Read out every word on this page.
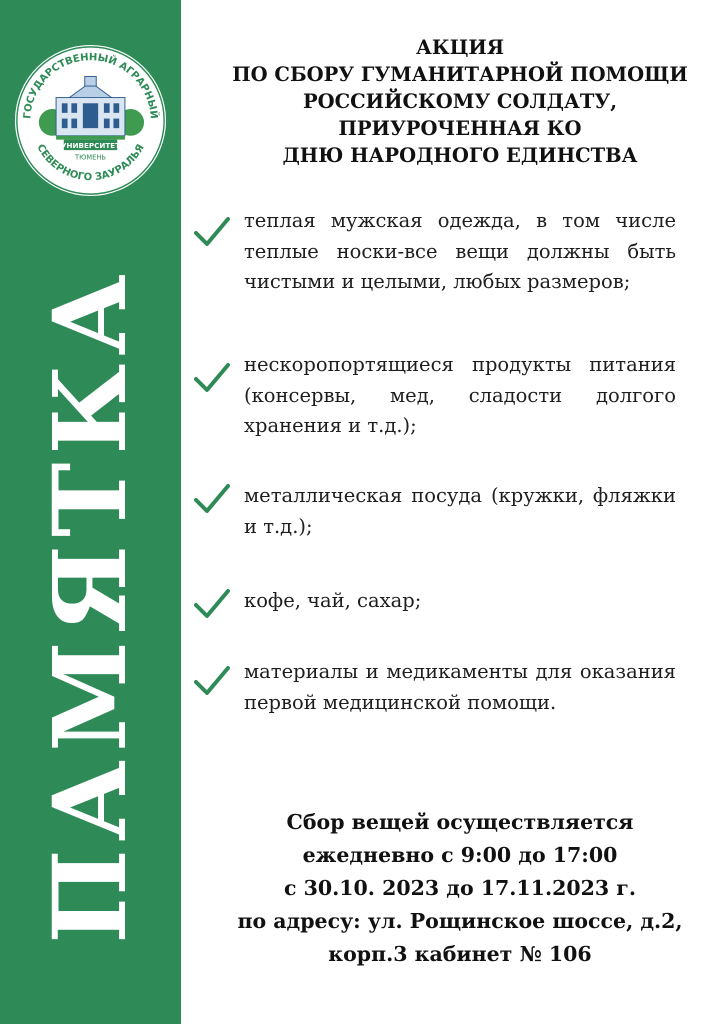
ГОСУДАРСТВЕННЫЙ АГРАРНЫЙ
СЕВЕРНОГО ЗАУРАЛЬЯ
УНИВЕРСИТЕТ
ТЮМЕНЬ
ПАМЯТКА
АКЦИЯ
ПО СБОРУ ГУМАНИТАРНОЙ ПОМОЩИ
РОССИЙСКОМУ СОЛДАТУ,
ПРИУРОЧЕННАЯ КО
ДНЮ НАРОДНОГО ЕДИНСТВА
теплая мужская одежда, в том числе теплые носки-все вещи должны быть чистыми и целыми, любых размеров;
нескоропортящиеся продукты питания (консервы, мед, сладости долгого хранения и т.д.);
металлическая посуда (кружки, фляжки и т.д.);
кофе, чай, сахар;
материалы и медикаменты для оказания первой медицинской помощи.
Сбор вещей осуществляется
ежедневно с 9:00 до 17:00
с 30.10. 2023 до 17.11.2023 г.
по адресу: ул. Рощинское шоссе, д.2,
корп.3 кабинет № 106
